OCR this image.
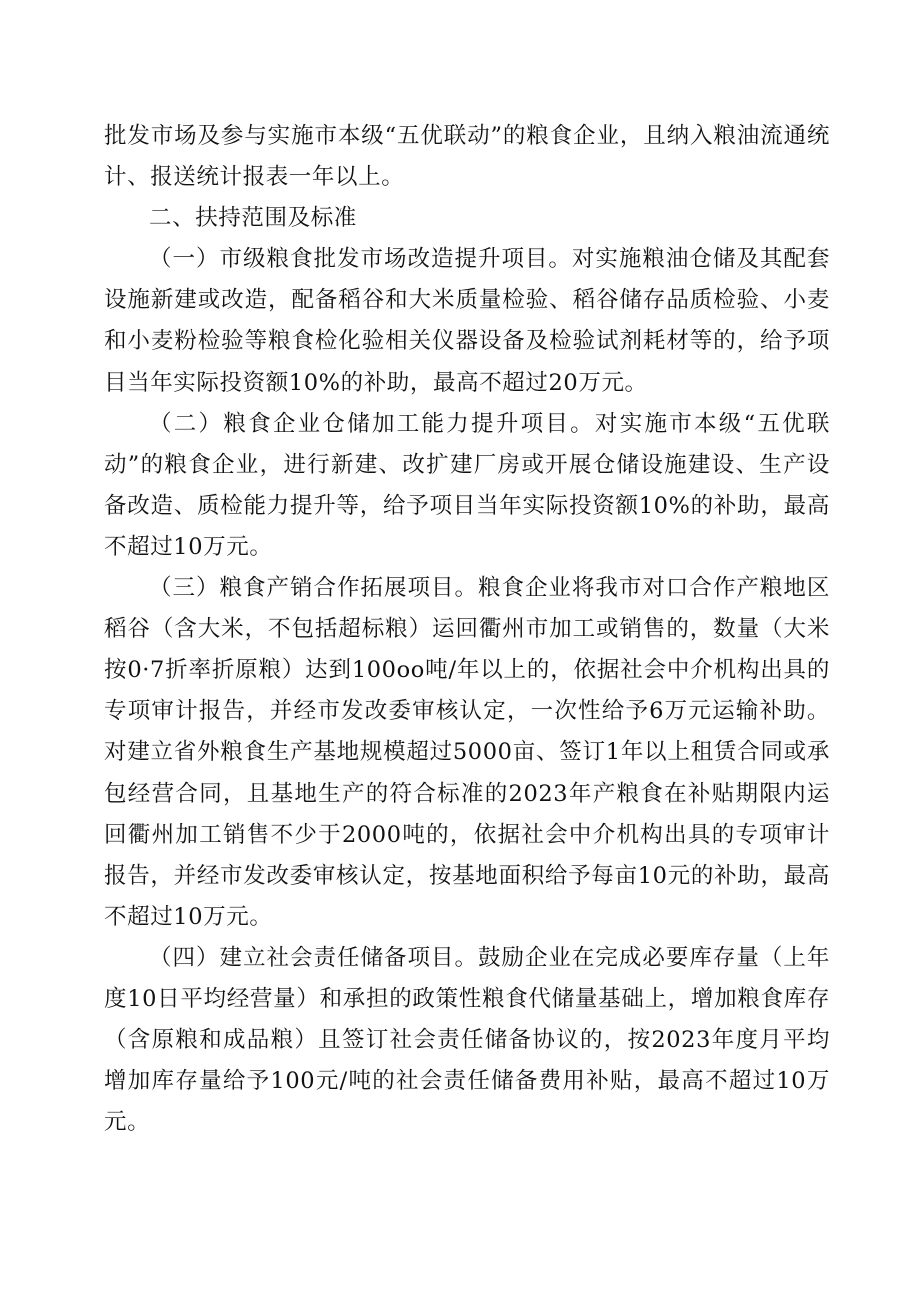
批发市场及参与实施市本级“五优联动”的粮食企业，且纳入粮油流通统计、报送统计报表一年以上。

二、扶持范围及标准

（一）市级粮食批发市场改造提升项目。对实施粮油仓储及其配套设施新建或改造，配备稻谷和大米质量检验、稻谷储存品质检验、小麦和小麦粉检验等粮食检化验相关仪器设备及检验试剂耗材等的，给予项目当年实际投资额10%的补助，最高不超过20万元。

（二）粮食企业仓储加工能力提升项目。对实施市本级“五优联动”的粮食企业，进行新建、改扩建厂房或开展仓储设施建设、生产设备改造、质检能力提升等，给予项目当年实际投资额10%的补助，最高不超过10万元。

（三）粮食产销合作拓展项目。粮食企业将我市对口合作产粮地区稻谷（含大米，不包括超标粮）运回衢州市加工或销售的，数量（大米按0·7折率折原粮）达到100oo吨/年以上的，依据社会中介机构出具的专项审计报告，并经市发改委审核认定，一次性给予6万元运输补助。对建立省外粮食生产基地规模超过5000亩、签订1年以上租赁合同或承包经营合同，且基地生产的符合标准的2023年产粮食在补贴期限内运回衢州加工销售不少于2000吨的，依据社会中介机构出具的专项审计报告，并经市发改委审核认定，按基地面积给予每亩10元的补助，最高不超过10万元。

（四）建立社会责任储备项目。鼓励企业在完成必要库存量（上年度10日平均经营量）和承担的政策性粮食代储量基础上，增加粮食库存（含原粮和成品粮）且签订社会责任储备协议的，按2023年度月平均增加库存量给予100元/吨的社会责任储备费用补贴，最高不超过10万元。
